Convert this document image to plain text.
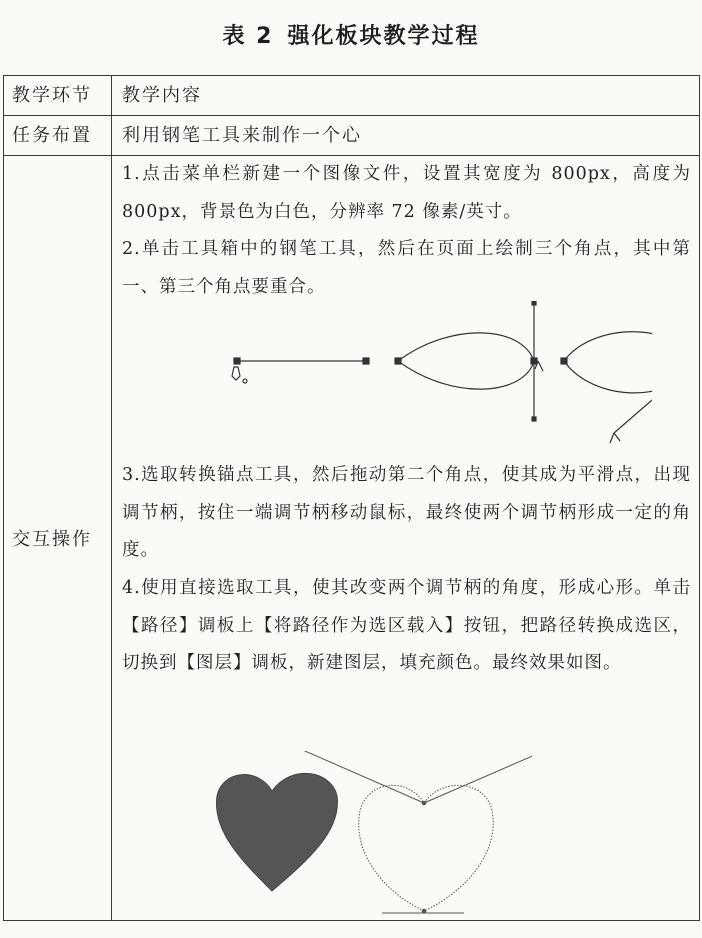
表 2 强化板块教学过程
教学环节	教学内容

任务布置	利用钢笔工具来制作一个心

交互操作	1.点击菜单栏新建一个图像文件，设置其宽度为 800px，高度为 800px，背景色为白色，分辨率 72 像素/英寸。

2.单击工具箱中的钢笔工具，然后在页面上绘制三个角点，其中第一、第三个角点要重合。

3.选取转换锚点工具，然后拖动第二个角点，使其成为平滑点，出现调节柄，按住一端调节柄移动鼠标，最终使两个调节柄形成一定的角度。

4.使用直接选取工具，使其改变两个调节柄的角度，形成心形。单击【路径】调板上【将路径作为选区载入】按钮，把路径转换成选区，切换到【图层】调板，新建图层，填充颜色。最终效果如图。
